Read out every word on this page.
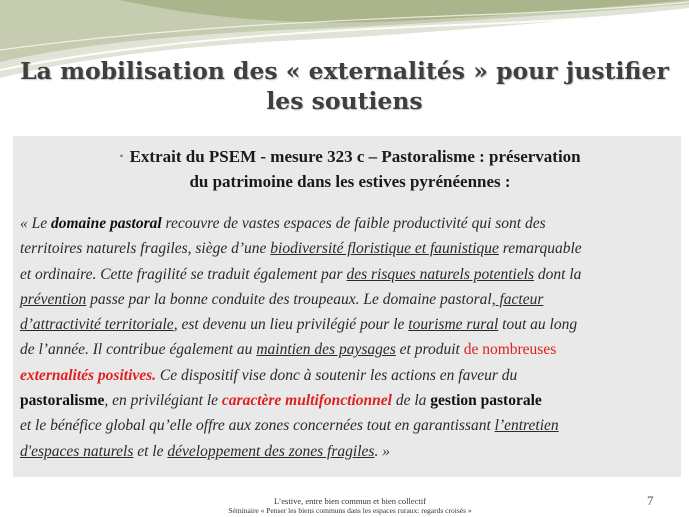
La mobilisation des « externalités » pour justifier
les soutiens
• Extrait du PSEM - mesure 323 c – Pastoralisme : préservation
du patrimoine dans les estives pyrénéennes :
« Le domaine pastoral recouvre de vastes espaces de faible productivité qui sont des
territoires naturels fragiles, siège d’une biodiversité floristique et faunistique remarquable
et ordinaire. Cette fragilité se traduit également par des risques naturels potentiels dont la
prévention passe par la bonne conduite des troupeaux. Le domaine pastoral, facteur
d’attractivité territoriale, est devenu un lieu privilégié pour le tourisme rural tout au long
de l’année. Il contribue également au maintien des paysages et produit de nombreuses
externalités positives. Ce dispositif vise donc à soutenir les actions en faveur du
pastoralisme, en privilégiant le caractère multifonctionnel de la gestion pastorale
et le bénéfice global qu’elle offre aux zones concernées tout en garantissant l’entretien
d'espaces naturels et le développement des zones fragiles. »
L’estive, entre bien commun et bien collectif
Séminaire « Penser les biens communs dans les espaces ruraux: regards croisés »
7
